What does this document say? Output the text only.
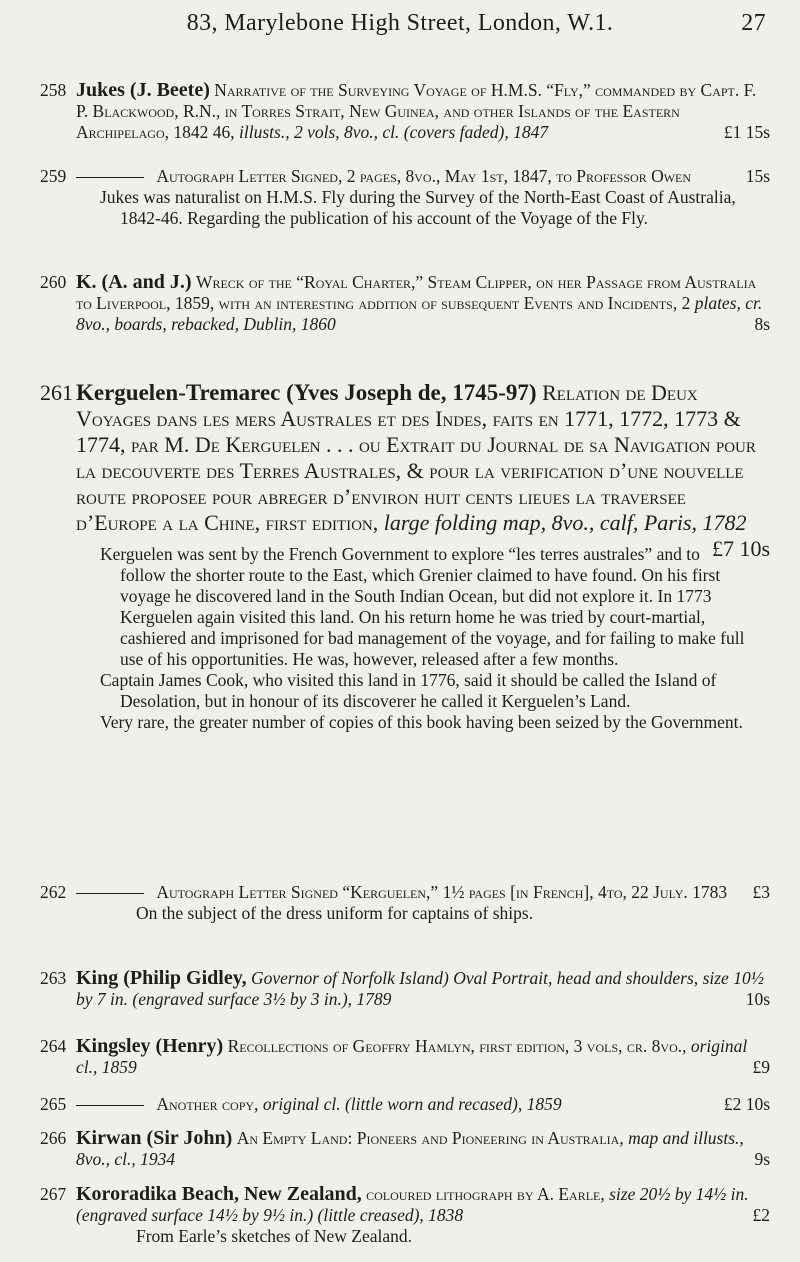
83, Marylebone High Street, London, W.1.	27
258 Jukes (J. Beete) Narrative of the Surveying Voyage of H.M.S. “Fly,” commanded by Capt. F. P. Blackwood, R.N., in Torres Strait, New Guinea, and other Islands of the Eastern Archipelago, 1842 46, illusts., 2 vols, 8vo., cl. (covers faded), 1847	£1 15s
259	Autograph Letter Signed, 2 pages, 8vo., May 1st, 1847, to Professor Owen	15s
Jukes was naturalist on H.M.S. Fly during the Survey of the North-East Coast of Australia, 1842-46. Regarding the publication of his account of the Voyage of the Fly.
260 K. (A. and J.) Wreck of the “Royal Charter,” Steam Clipper, on her Passage from Australia to Liverpool, 1859, with an interesting addition of subsequent Events and Incidents, 2 plates, cr. 8vo., boards, rebacked, Dublin, 1860	8s
261 Kerguelen-Tremarec (Yves Joseph de, 1745-97) Relation de Deux Voyages dans les mers Australes et des Indes, faits en 1771, 1772, 1773 & 1774, par M. De Kerguelen . . . ou Extrait du Journal de sa Navigation pour la decouverte des Terres Australes, & pour la verification d’une nouvelle route proposee pour abreger d’environ huit cents lieues la traversee d’Europe a la Chine, first edition, large folding map, 8vo., calf, Paris, 1782
£7 10s
Kerguelen was sent by the French Government to explore “les terres australes” and to follow the shorter route to the East, which Grenier claimed to have found. On his first voyage he discovered land in the South Indian Ocean, but did not explore it. In 1773 Kerguelen again visited this land. On his return home he was tried by court-martial, cashiered and imprisoned for bad management of the voyage, and for failing to make full use of his opportunities. He was, however, released after a few months.
Captain James Cook, who visited this land in 1776, said it should be called the Island of Desolation, but in honour of its discoverer he called it Kerguelen’s Land.
Very rare, the greater number of copies of this book having been seized by the Government.
262	Autograph Letter Signed “Kerguelen,” 1½ pages [in French], 4to, 22 July. 1783 £3
On the subject of the dress uniform for captains of ships.
263 King (Philip Gidley, Governor of Norfolk Island) Oval Portrait, head and shoulders, size 10½ by 7 in. (engraved surface 3½ by 3 in.), 1789	10s
264 Kingsley (Henry) Recollections of Geoffry Hamlyn, first edition, 3 vols, cr. 8vo., original cl., 1859	£9
265	Another copy, original cl. (little worn and recased), 1859	£2 10s
266 Kirwan (Sir John) An Empty Land: Pioneers and Pioneering in Australia, map and illusts., 8vo., cl., 1934	9s
267 Kororadika Beach, New Zealand, coloured lithograph by A. Earle, size 20½ by 14½ in. (engraved surface 14½ by 9½ in.) (little creased), 1838	£2
From Earle’s sketches of New Zealand.
